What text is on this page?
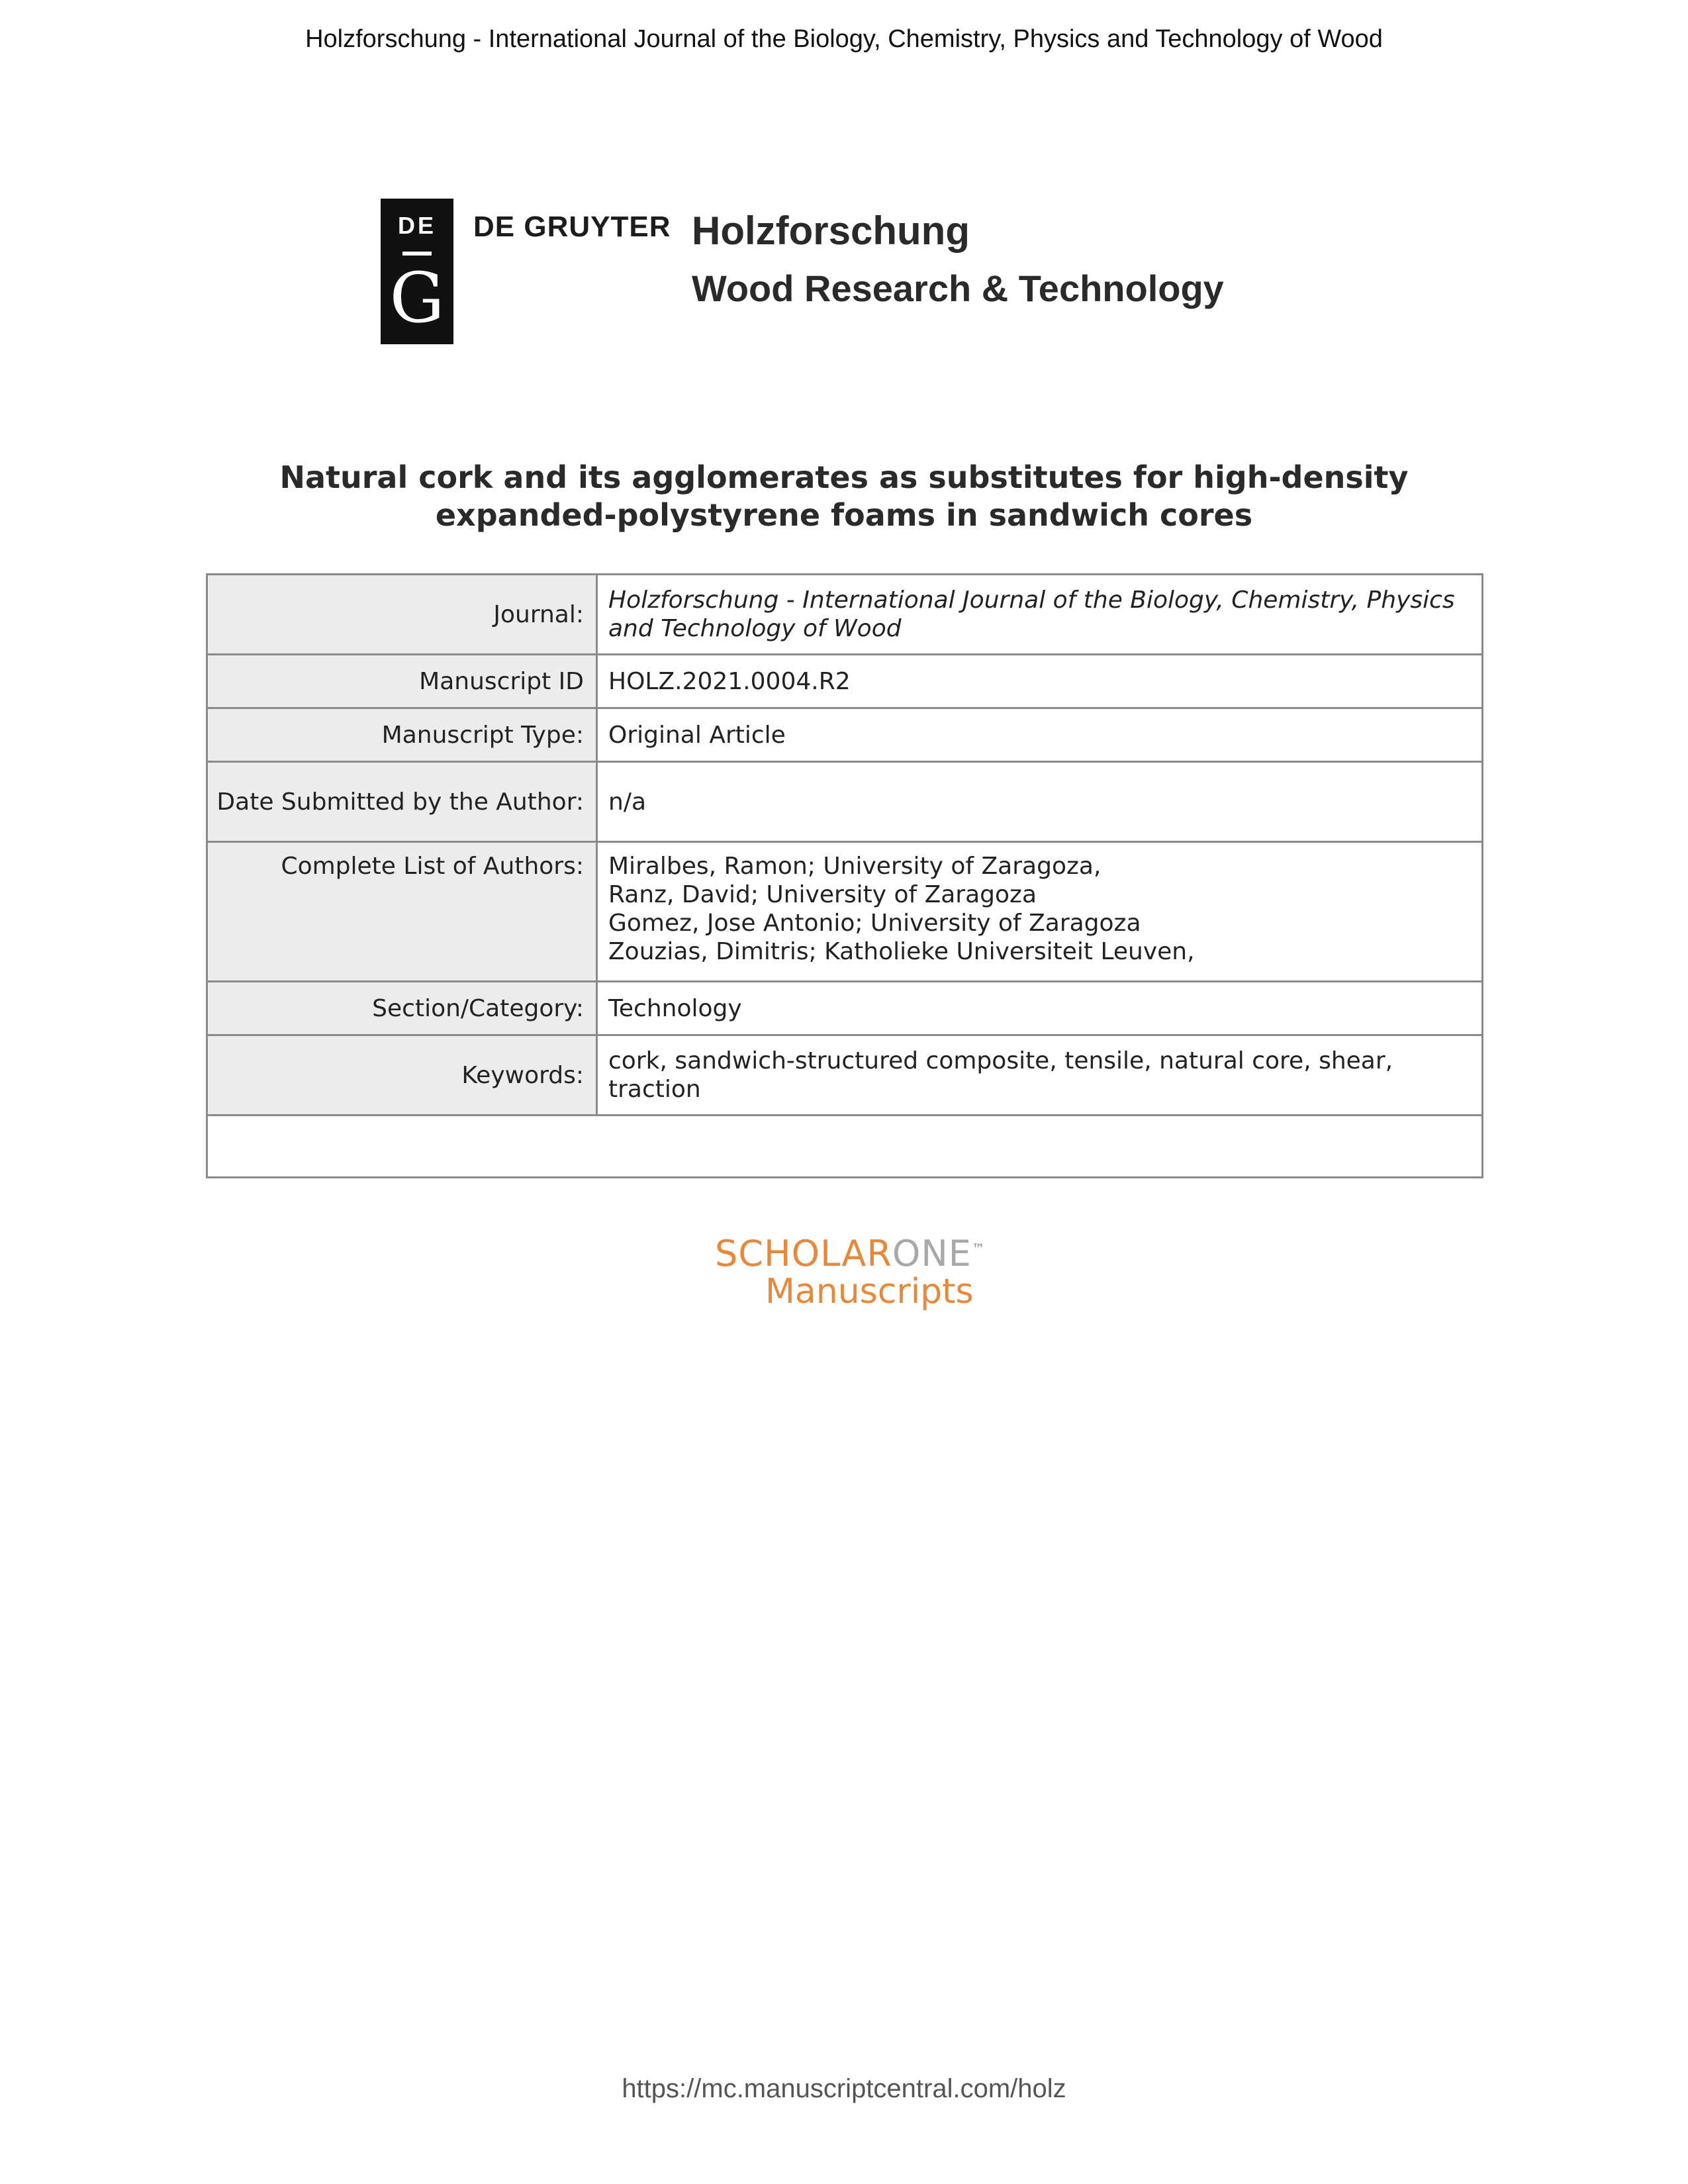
Holzforschung - International Journal of the Biology, Chemistry, Physics and Technology of Wood
DE
G
DE GRUYTER Holzforschung
Wood Research & Technology
Natural cork and its agglomerates as substitutes for high-density expanded-polystyrene foams in sandwich cores
Journal:	Holzforschung - International Journal of the Biology, Chemistry, Physics and Technology of Wood
Manuscript ID	HOLZ.2021.0004.R2
Manuscript Type:	Original Article
Date Submitted by the Author:	n/a
Complete List of Authors:	Miralbes, Ramon; University of Zaragoza,
Ranz, David; University of Zaragoza
Gomez, Jose Antonio; University of Zaragoza
Zouzias, Dimitris; Katholieke Universiteit Leuven,

Section/Category:	Technology
Keywords:	cork, sandwich-structured composite, tensile, natural core, shear, traction

SCHOLARONE™
Manuscripts
https://mc.manuscriptcentral.com/holz
